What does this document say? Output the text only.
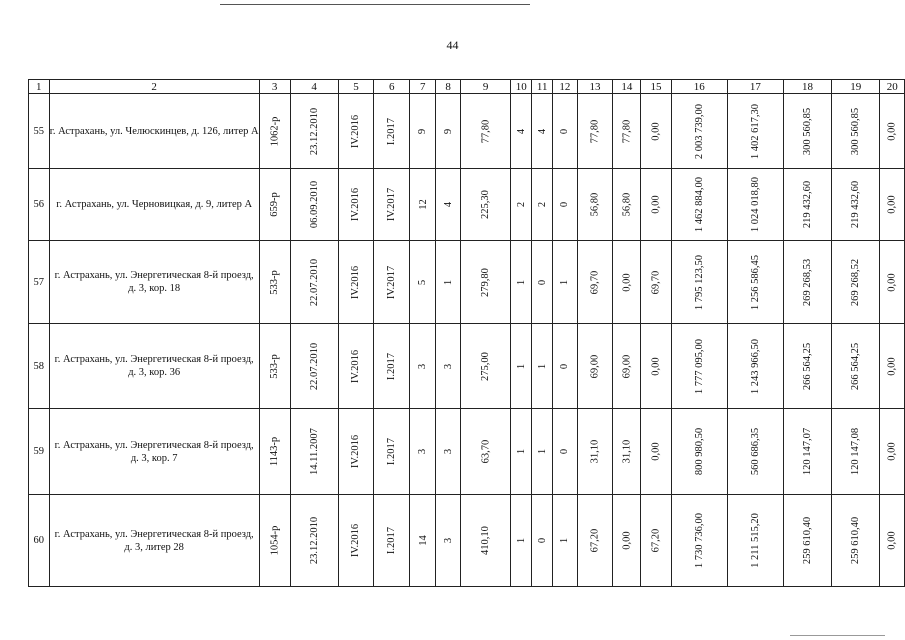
44
1	2	3	4	5	6	7	8	9	10	11	12	13	14	15	16	17	18	19	20
55	г. Астрахань, ул. Челюскинцев, д. 126, литер А	1062-р	23.12.2010	IV.2016	I.2017	9	9	77,80	4	4	0	77,80	77,80	0,00	2 003 739,00	1 402 617,30	300 560,85	300 560,85	0,00
56	г. Астрахань, ул. Черновицкая, д. 9, литер А	659-р	06.09.2010	IV.2016	IV.2017	12	4	225,30	2	2	0	56,80	56,80	0,00	1 462 884,00	1 024 018,80	219 432,60	219 432,60	0,00
57	г. Астрахань, ул. Энергетическая 8-й проезд, д. 3, кор. 18	533-р	22.07.2010	IV.2016	IV.2017	5	1	279,80	1	0	1	69,70	0,00	69,70	1 795 123,50	1 256 586,45	269 268,53	269 268,52	0,00
58	г. Астрахань, ул. Энергетическая 8-й проезд, д. 3, кор. 36	533-р	22.07.2010	IV.2016	I.2017	3	3	275,00	1	1	0	69,00	69,00	0,00	1 777 095,00	1 243 966,50	266 564,25	266 564,25	0,00
59	г. Астрахань, ул. Энергетическая 8-й проезд, д. 3, кор. 7	1143-р	14.11.2007	IV.2016	I.2017	3	3	63,70	1	1	0	31,10	31,10	0,00	800 980,50	560 686,35	120 147,07	120 147,08	0,00
60	г. Астрахань, ул. Энергетическая 8-й проезд, д. 3, литер 28	1054-р	23.12.2010	IV.2016	I.2017	14	3	410,10	1	0	1	67,20	0,00	67,20	1 730 736,00	1 211 515,20	259 610,40	259 610,40	0,00
